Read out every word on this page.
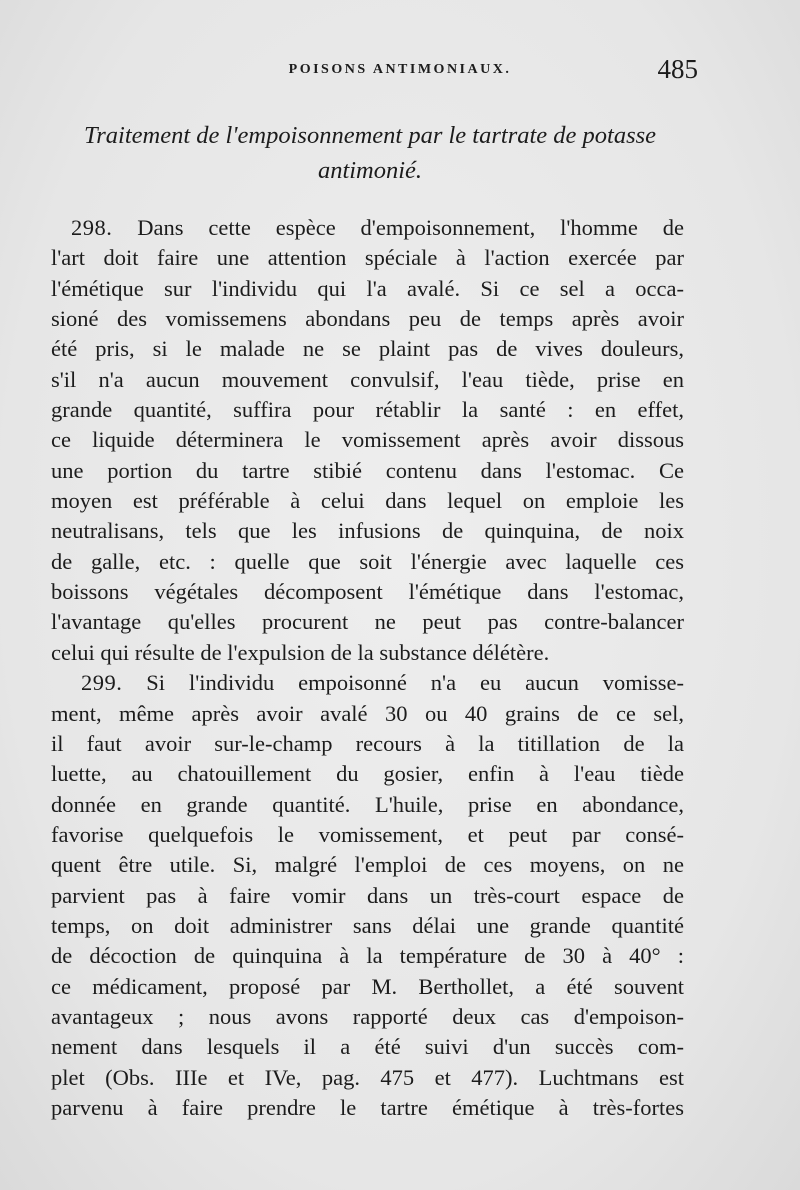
POISONS ANTIMONIAUX.	485
Traitement de l'empoisonnement par le tartrate de potasse
antimonié.
298. Dans cette espèce d'empoisonnement, l'homme de
l'art doit faire une attention spéciale à l'action exercée par
l'émétique sur l'individu qui l'a avalé. Si ce sel a occa-
sioné des vomissemens abondans peu de temps après avoir
été pris, si le malade ne se plaint pas de vives douleurs,
s'il n'a aucun mouvement convulsif, l'eau tiède, prise en
grande quantité, suffira pour rétablir la santé : en effet,
ce liquide déterminera le vomissement après avoir dissous
une portion du tartre stibié contenu dans l'estomac. Ce
moyen est préférable à celui dans lequel on emploie les
neutralisans, tels que les infusions de quinquina, de noix
de galle, etc. : quelle que soit l'énergie avec laquelle ces
boissons végétales décomposent l'émétique dans l'estomac,
l'avantage qu'elles procurent ne peut pas contre-balancer
celui qui résulte de l'expulsion de la substance délétère.
299. Si l'individu empoisonné n'a eu aucun vomisse-
ment, même après avoir avalé 30 ou 40 grains de ce sel,
il faut avoir sur-le-champ recours à la titillation de la
luette, au chatouillement du gosier, enfin à l'eau tiède
donnée en grande quantité. L'huile, prise en abondance,
favorise quelquefois le vomissement, et peut par consé-
quent être utile. Si, malgré l'emploi de ces moyens, on ne
parvient pas à faire vomir dans un très-court espace de
temps, on doit administrer sans délai une grande quantité
de décoction de quinquina à la température de 30 à 40° :
ce médicament, proposé par M. Berthollet, a été souvent
avantageux ; nous avons rapporté deux cas d'empoison-
nement dans lesquels il a été suivi d'un succès com-
plet (Obs. IIIe et IVe, pag. 475 et 477). Luchtmans est
parvenu à faire prendre le tartre émétique à très-fortes
